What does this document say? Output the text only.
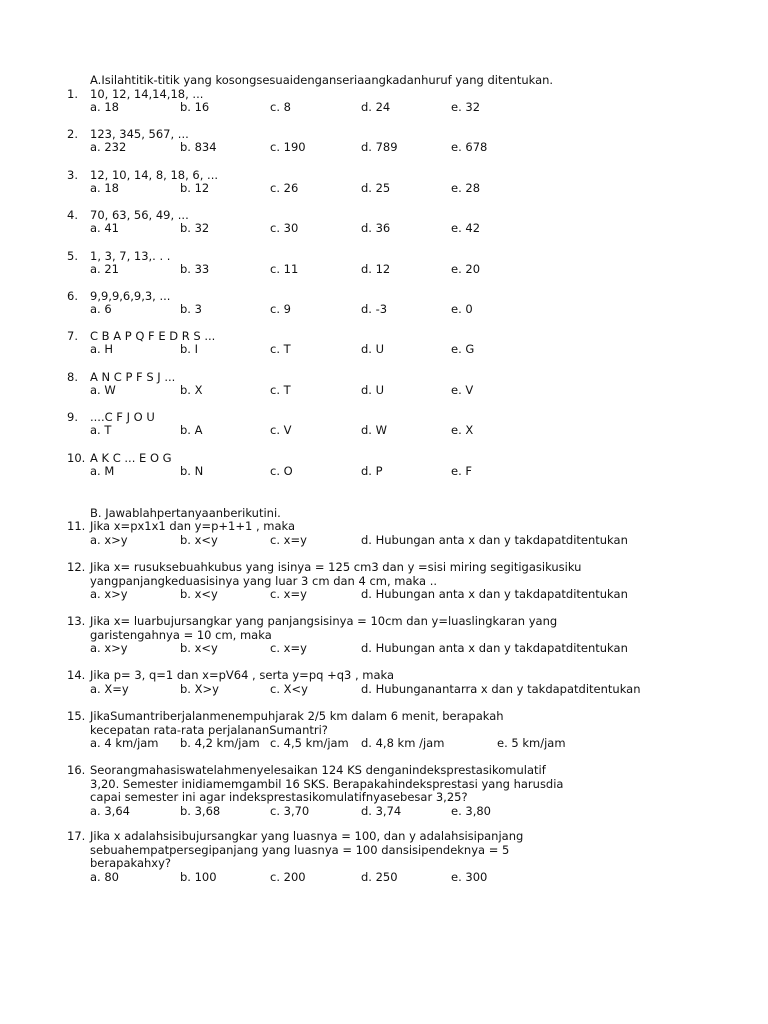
A.Isilahtitik-titik yang kosongsesuaidenganseriaangkadanhuruf yang ditentukan.
1. 10, 12, 14,14,18, ...
a. 18	b. 16	c. 8	d. 24	e. 32
2. 123, 345, 567, ...
a. 232	b. 834	c. 190	d. 789	e. 678
3. 12, 10, 14, 8, 18, 6, ...
a. 18	b. 12	c. 26	d. 25	e. 28
4. 70, 63, 56, 49, ...
a. 41	b. 32	c. 30	d. 36	e. 42
5. 1, 3, 7, 13,. . .
a. 21	b. 33	c. 11	d. 12	e. 20
6. 9,9,9,6,9,3, ...
a. 6	b. 3	c. 9	d. -3	e. 0
7. C B A P Q F E D R S ...
a. H	b. I	c. T	d. U	e. G
8. A N C P F S J ...
a. W	b. X	c. T	d. U	e. V
9. ....C F J O U
a. T	b. A	c. V	d. W	e. X
10. A K C ... E O G
a. M	b. N	c. O	d. P	e. F
B. Jawablahpertanyaanberikutini.
11. Jika x=px1x1 dan y=p+1+1 , maka
a. x>y	b. x<y	c. x=y	d. Hubungan anta x dan y takdapatditentukan
12. Jika x= rusuksebuahkubus yang isinya = 125 cm3 dan y =sisi miring segitigasikusiku
yangpanjangkeduasisinya yang luar 3 cm dan 4 cm, maka ..
a. x>y	b. x<y	c. x=y	d. Hubungan anta x dan y takdapatditentukan
13. Jika x= luarbujursangkar yang panjangsisinya = 10cm dan y=luaslingkaran yang
garistengahnya = 10 cm, maka
a. x>y	b. x<y	c. x=y	d. Hubungan anta x dan y takdapatditentukan
14. Jika p= 3, q=1 dan x=pV64 , serta y=pq +q3 , maka
a. X=y	b. X>y	c. X<y	d. Hubunganantarra x dan y takdapatditentukan
15. JikaSumantriberjalanmenempuhjarak 2/5 km dalam 6 menit, berapakah
kecepatan rata-rata perjalananSumantri?
a. 4 km/jam b. 4,2 km/jam c. 4,5 km/jam d. 4,8 km /jam	e. 5 km/jam
16. Seorangmahasiswatelahmenyelesaikan 124 KS denganindeksprestasikomulatif
3,20. Semester inidiamemgambil 16 SKS. Berapakahindeksprestasi yang harusdia
capai semester ini agar indeksprestasikomulatifnyasebesar 3,25?
a. 3,64	b. 3,68	c. 3,70	d. 3,74	e. 3,80
17. Jika x adalahsisibujursangkar yang luasnya = 100, dan y adalahsisipanjang
sebuahempatpersegipanjang yang luasnya = 100 dansisipendeknya = 5
berapakahxy?
a. 80	b. 100	c. 200	d. 250	e. 300
